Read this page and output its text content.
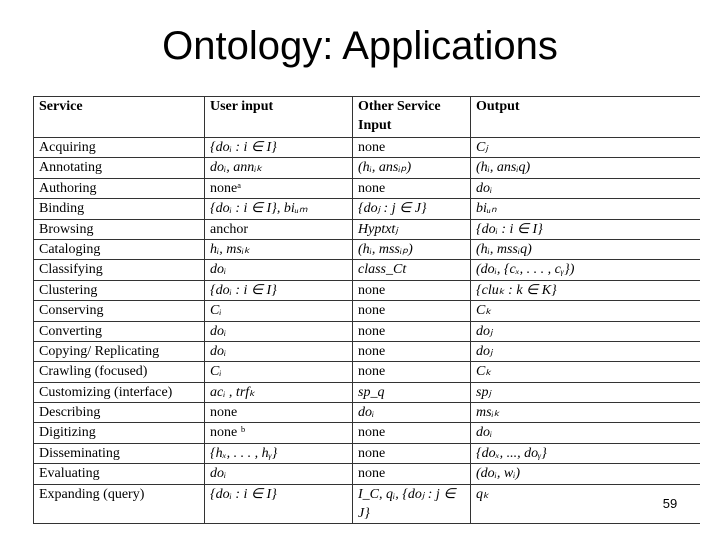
Ontology: Applications
Service	User input	Other Service Input	Output
Acquiring	{doᵢ : i ∈ I}	none	Cⱼ
Annotating	doᵢ, annᵢₖ	(hᵢ, ansᵢₚ)	(hᵢ, ansᵢq)
Authoring	noneᵃ	none	doᵢ
Binding	{doᵢ : i ∈ I}, biᵤₘ	{doⱼ : j ∈ J}	biᵤₙ
Browsing	anchor	Hyptxtⱼ	{doᵢ : i ∈ I}
Cataloging	hᵢ, msᵢₖ	(hᵢ, mssᵢₚ)	(hᵢ, mssᵢq)
Classifying	doᵢ	class_Ct	(doᵢ, {cₓ, . . . , cᵧ})
Clustering	{doᵢ : i ∈ I}	none	{cluₖ : k ∈ K}
Conserving	Cᵢ	none	Cₖ
Converting	doᵢ	none	doⱼ
Copying/ Replicating	doᵢ	none	doⱼ
Crawling (focused)	Cᵢ	none	Cₖ
Customizing (interface)	acᵢ , trfₖ	sp_q	spⱼ
Describing	none	doᵢ	msᵢₖ
Digitizing	none ᵇ	none	doᵢ
Disseminating	{hₓ, . . . , hᵧ}	none	{doₓ, ..., doᵧ}
Evaluating	doᵢ	none	(doᵢ, wᵢ)
Expanding (query)	{doᵢ : i ∈ I}	I_C, qᵢ, {doⱼ : j ∈ J}	qₖ
59
